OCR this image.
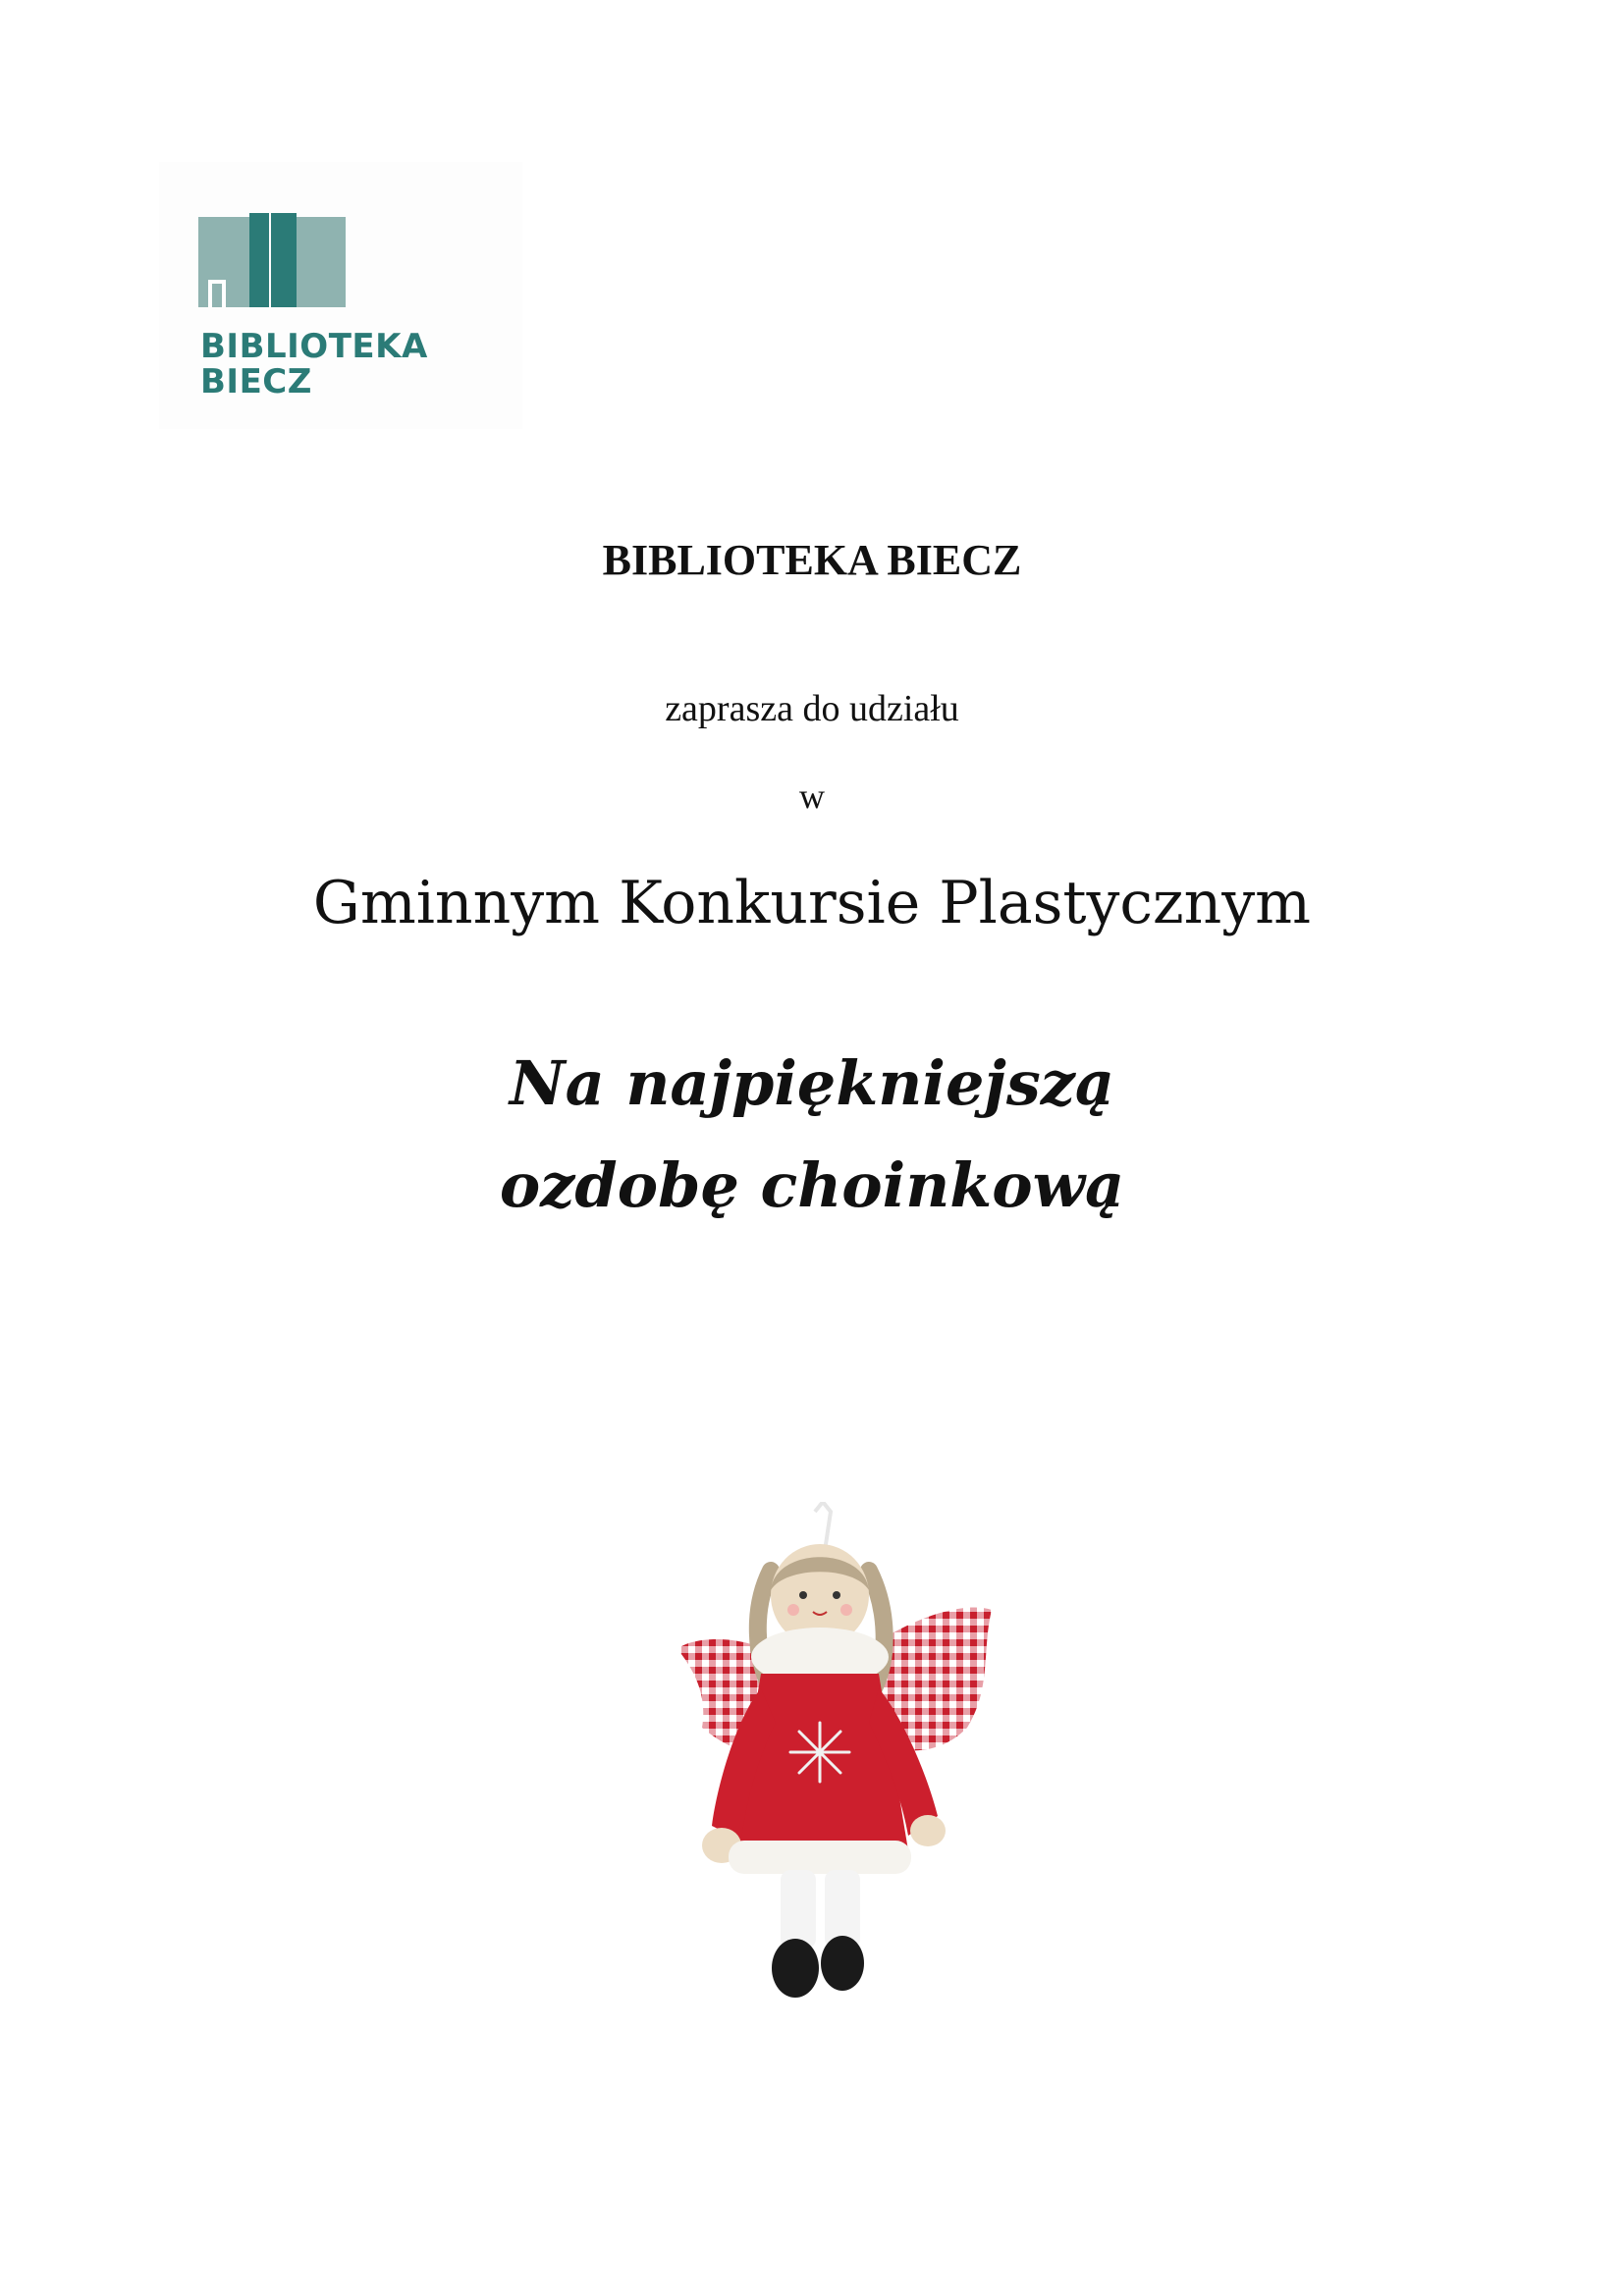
BIBLIOTEKA
BIECZ
BIBLIOTEKA BIECZ
zaprasza do udziału
w
Gminnym Konkursie Plastycznym
Na najpiękniejszą
ozdobę choinkową
